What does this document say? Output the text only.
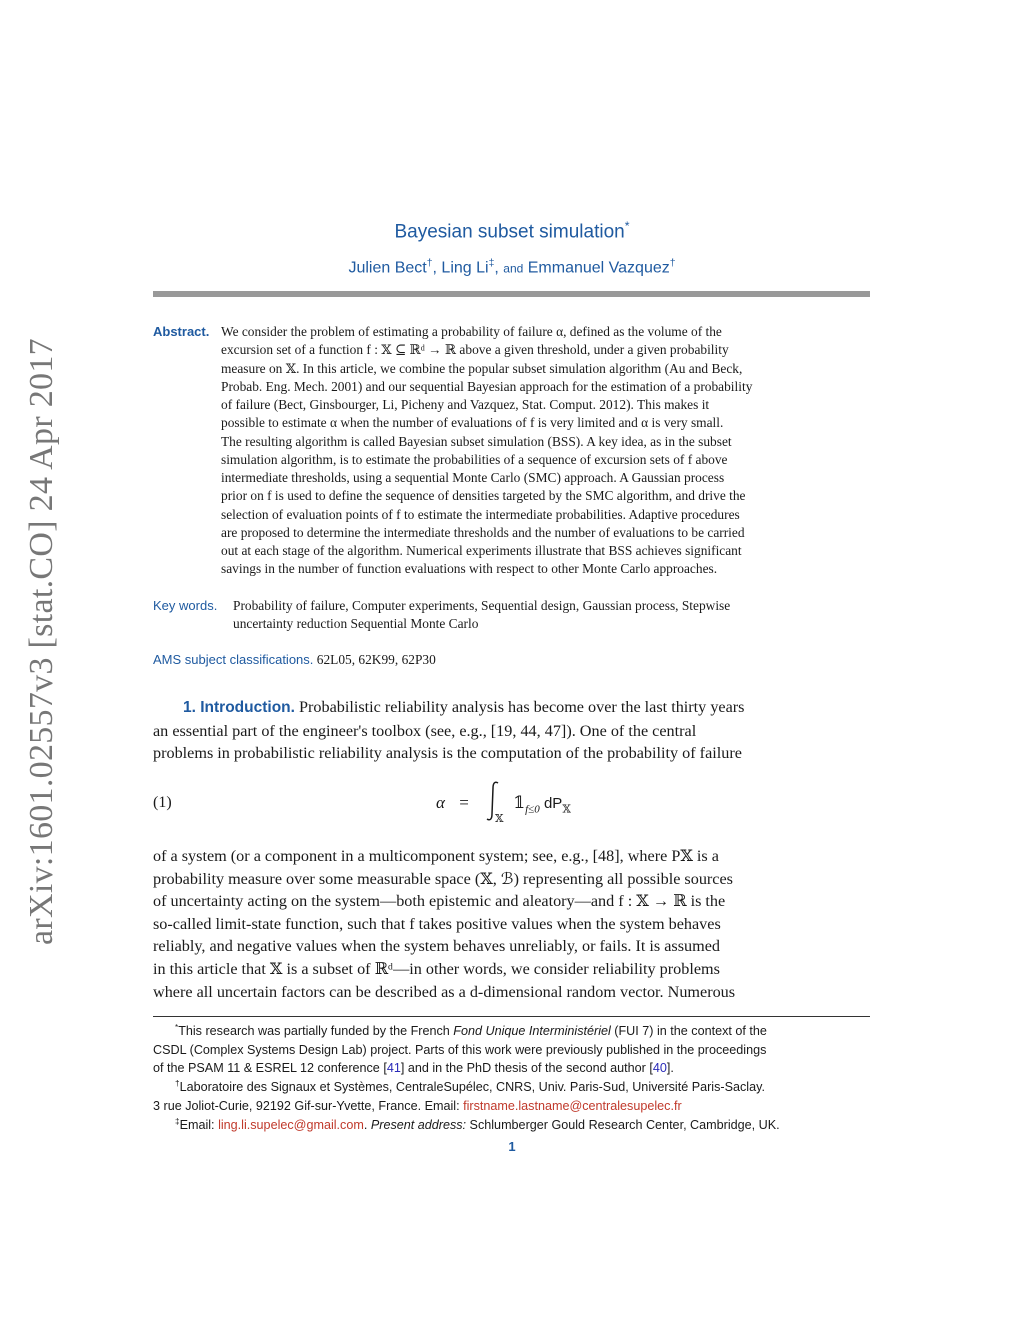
arXiv:1601.02557v3 [stat.CO] 24 Apr 2017
Bayesian subset simulation*
Julien Bect†, Ling Li‡, and Emmanuel Vazquez†
Abstract. We consider the problem of estimating a probability of failure α, defined as the volume of the
excursion set of a function f : 𝕏 ⊆ ℝᵈ → ℝ above a given threshold, under a given probability
measure on 𝕏. In this article, we combine the popular subset simulation algorithm (Au and Beck,
Probab. Eng. Mech. 2001) and our sequential Bayesian approach for the estimation of a probability
of failure (Bect, Ginsbourger, Li, Picheny and Vazquez, Stat. Comput. 2012). This makes it
possible to estimate α when the number of evaluations of f is very limited and α is very small.
The resulting algorithm is called Bayesian subset simulation (BSS). A key idea, as in the subset
simulation algorithm, is to estimate the probabilities of a sequence of excursion sets of f above
intermediate thresholds, using a sequential Monte Carlo (SMC) approach. A Gaussian process
prior on f is used to define the sequence of densities targeted by the SMC algorithm, and drive the
selection of evaluation points of f to estimate the intermediate probabilities. Adaptive procedures
are proposed to determine the intermediate thresholds and the number of evaluations to be carried
out at each stage of the algorithm. Numerical experiments illustrate that BSS achieves significant
savings in the number of function evaluations with respect to other Monte Carlo approaches.
Key words. Probability of failure, Computer experiments, Sequential design, Gaussian process, Stepwise
uncertainty reduction Sequential Monte Carlo
AMS subject classifications. 62L05, 62K99, 62P30
1. Introduction. Probabilistic reliability analysis has become over the last thirty years
an essential part of the engineer's toolbox (see, e.g., [19, 44, 47]). One of the central
problems in probabilistic reliability analysis is the computation of the probability of failure
(1)	α =
𝕏
$𝟙_{f\le 0}$ $dP_𝕏$
of a system (or a component in a multicomponent system; see, e.g., [48], where P𝕏 is a
probability measure over some measurable space (𝕏, ℬ) representing all possible sources
of uncertainty acting on the system—both epistemic and aleatory—and f : 𝕏 → ℝ is the
so-called limit-state function, such that f takes positive values when the system behaves
reliably, and negative values when the system behaves unreliably, or fails. It is assumed
in this article that 𝕏 is a subset of ℝᵈ—in other words, we consider reliability problems
where all uncertain factors can be described as a d-dimensional random vector. Numerous
*This research was partially funded by the French Fond Unique Interministériel (FUI 7) in the context of the
CSDL (Complex Systems Design Lab) project. Parts of this work were previously published in the proceedings
of the PSAM 11 & ESREL 12 conference [41] and in the PhD thesis of the second author [40].
†Laboratoire des Signaux et Systèmes, CentraleSupélec, CNRS, Univ. Paris-Sud, Université Paris-Saclay.
3 rue Joliot-Curie, 92192 Gif-sur-Yvette, France. Email: firstname.lastname@centralesupelec.fr
‡Email: ling.li.supelec@gmail.com. Present address: Schlumberger Gould Research Center, Cambridge, UK.
1
